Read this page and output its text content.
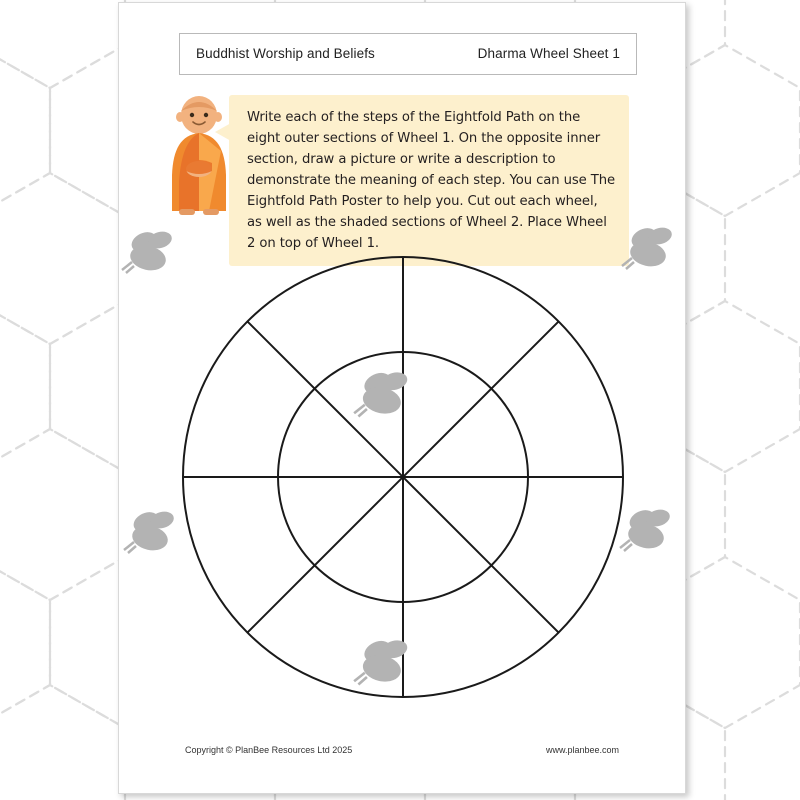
Buddhist Worship and Beliefs	Dharma Wheel Sheet 1

Write each of the steps of the Eightfold Path on the eight outer sections of Wheel 1. On the opposite inner section, draw a picture or write a description to demonstrate the meaning of each step. You can use The Eightfold Path Poster to help you. Cut out each wheel, as well as the shaded sections of Wheel 2. Place Wheel 2 on top of Wheel 1.

Copyright © PlanBee Resources Ltd 2025	www.planbee.com
